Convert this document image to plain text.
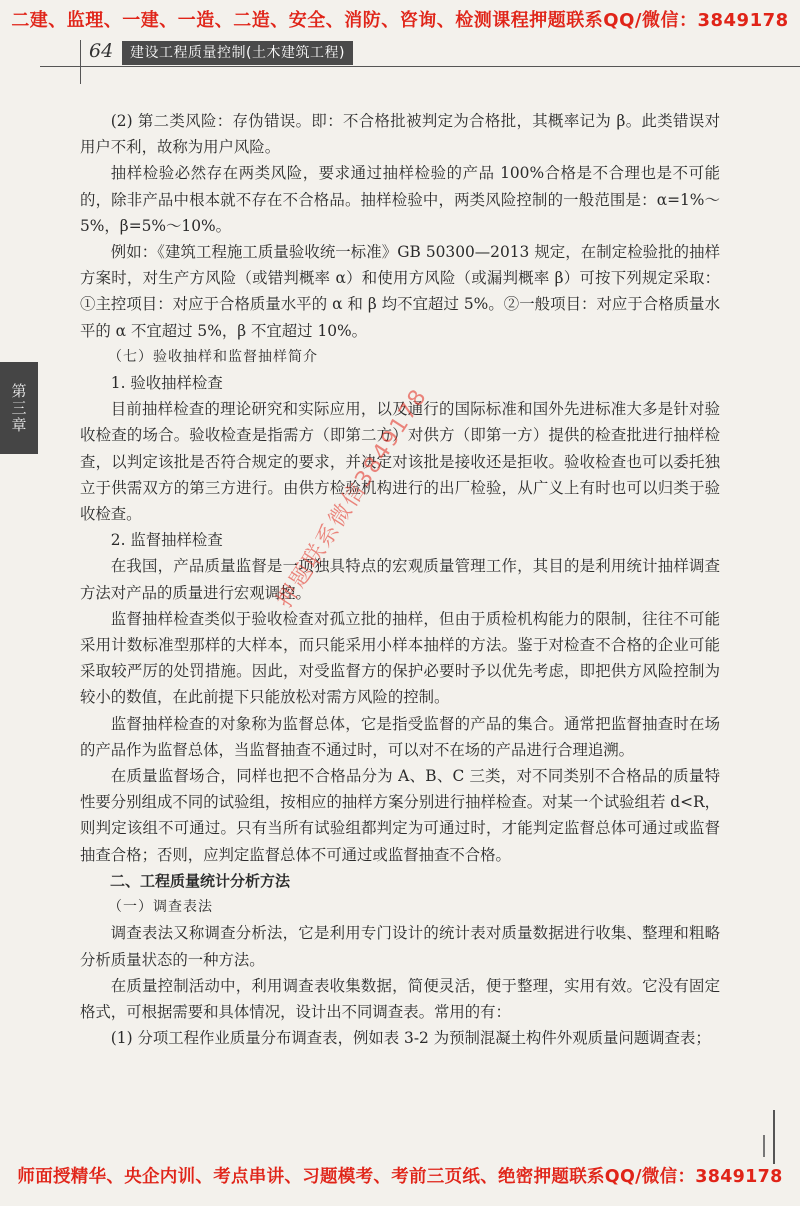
二建、监理、一建、一造、二造、安全、消防、咨询、检测课程押题联系QQ/微信：3849178
64	建设工程质量控制(土木建筑工程)
第三章

(2) 第二类风险：存伪错误。即：不合格批被判定为合格批，其概率记为 β。此类错误对用户不利，故称为用户风险。

抽样检验必然存在两类风险，要求通过抽样检验的产品 100%合格是不合理也是不可能的，除非产品中根本就不存在不合格品。抽样检验中，两类风险控制的一般范围是：α=1%～5%，β=5%～10%。

例如：《建筑工程施工质量验收统一标准》GB 50300—2013 规定，在制定检验批的抽样方案时，对生产方风险（或错判概率 α）和使用方风险（或漏判概率 β）可按下列规定采取：①主控项目：对应于合格质量水平的 α 和 β 均不宜超过 5%。②一般项目：对应于合格质量水平的 α 不宜超过 5%，β 不宜超过 10%。

（七）验收抽样和监督抽样简介

1. 验收抽样检查

目前抽样检查的理论研究和实际应用，以及通行的国际标准和国外先进标准大多是针对验收检查的场合。验收检查是指需方（即第二方）对供方（即第一方）提供的检查批进行抽样检查，以判定该批是否符合规定的要求，并决定对该批是接收还是拒收。验收检查也可以委托独立于供需双方的第三方进行。由供方检验机构进行的出厂检验，从广义上有时也可以归类于验收检查。

2. 监督抽样检查

在我国，产品质量监督是一项独具特点的宏观质量管理工作，其目的是利用统计抽样调查方法对产品的质量进行宏观调控。

监督抽样检查类似于验收检查对孤立批的抽样，但由于质检机构能力的限制，往往不可能采用计数标准型那样的大样本，而只能采用小样本抽样的方法。鉴于对检查不合格的企业可能采取较严厉的处罚措施。因此，对受监督方的保护必要时予以优先考虑，即把供方风险控制为较小的数值，在此前提下只能放松对需方风险的控制。

监督抽样检查的对象称为监督总体，它是指受监督的产品的集合。通常把监督抽查时在场的产品作为监督总体，当监督抽查不通过时，可以对不在场的产品进行合理追溯。

在质量监督场合，同样也把不合格品分为 A、B、C 三类，对不同类别不合格品的质量特性要分别组成不同的试验组，按相应的抽样方案分别进行抽样检查。对某一个试验组若 d<R，则判定该组不可通过。只有当所有试验组都判定为可通过时，才能判定监督总体可通过或监督抽查合格；否则，应判定监督总体不可通过或监督抽查不合格。

二、工程质量统计分析方法

（一）调查表法

调查表法又称调查分析法，它是利用专门设计的统计表对质量数据进行收集、整理和粗略分析质量状态的一种方法。

在质量控制活动中，利用调查表收集数据，简便灵活，便于整理，实用有效。它没有固定格式，可根据需要和具体情况，设计出不同调查表。常用的有：

(1) 分项工程作业质量分布调查表，例如表 3-2 为预制混凝土构件外观质量问题调查表；

押题联系微信3849178
师面授精华、央企内训、考点串讲、习题模考、考前三页纸、绝密押题联系QQ/微信：3849178
